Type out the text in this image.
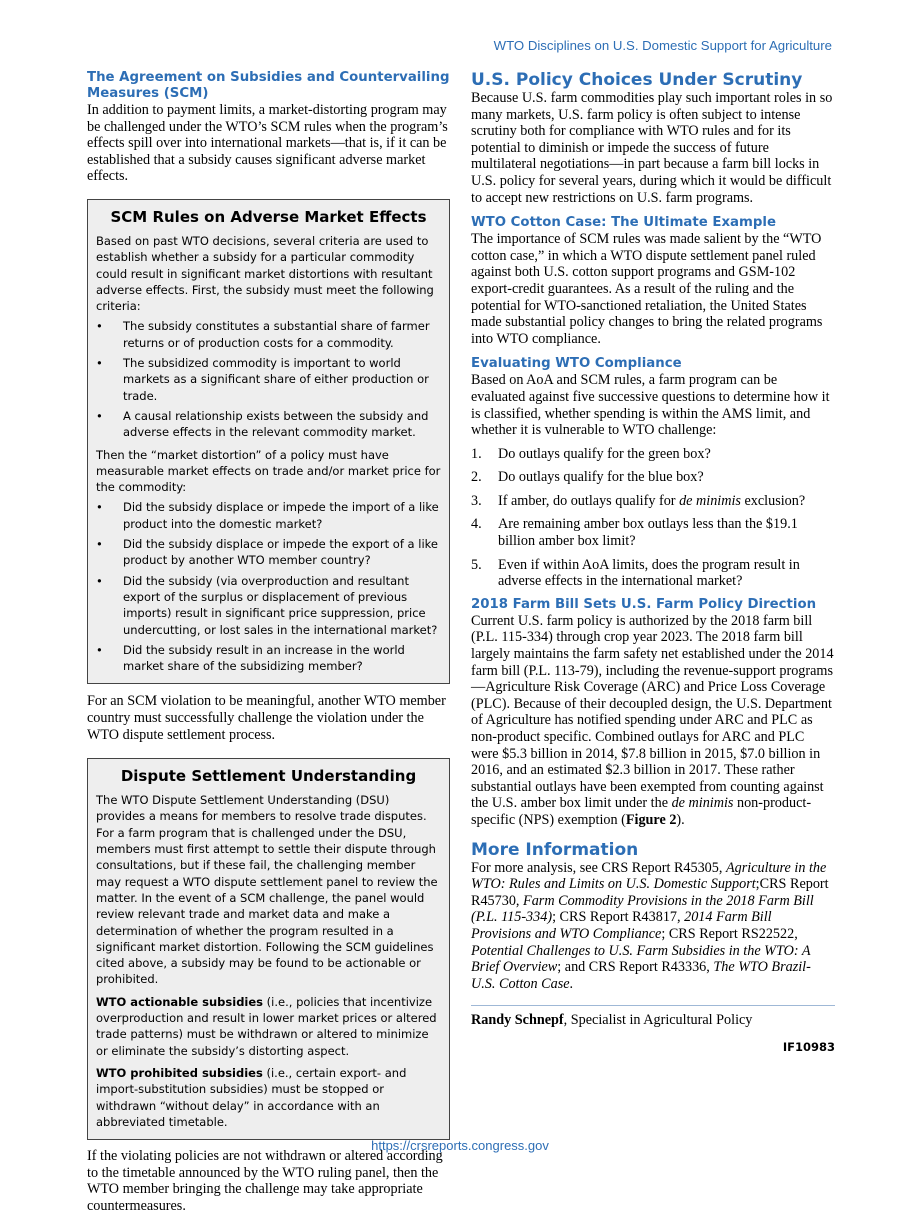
WTO Disciplines on U.S. Domestic Support for Agriculture
The Agreement on Subsidies and Countervailing Measures (SCM)

In addition to payment limits, a market-distorting program may be challenged under the WTO’s SCM rules when the program’s effects spill over into international markets—that is, if it can be established that a subsidy causes significant adverse market effects.

SCM Rules on Adverse Market Effects

Based on past WTO decisions, several criteria are used to establish whether a subsidy for a particular commodity could result in significant market distortions with resultant adverse effects. First, the subsidy must meet the following criteria:

• The subsidy constitutes a substantial share of farmer returns or of production costs for a commodity.
• The subsidized commodity is important to world markets as a significant share of either production or trade.
• A causal relationship exists between the subsidy and adverse effects in the relevant commodity market.

Then the “market distortion” of a policy must have measurable market effects on trade and/or market price for the commodity:

• Did the subsidy displace or impede the import of a like product into the domestic market?
• Did the subsidy displace or impede the export of a like product by another WTO member country?
• Did the subsidy (via overproduction and resultant export of the surplus or displacement of previous imports) result in significant price suppression, price undercutting, or lost sales in the international market?
• Did the subsidy result in an increase in the world market share of the subsidizing member?

For an SCM violation to be meaningful, another WTO member country must successfully challenge the violation under the WTO dispute settlement process.

Dispute Settlement Understanding

The WTO Dispute Settlement Understanding (DSU) provides a means for members to resolve trade disputes. For a farm program that is challenged under the DSU, members must first attempt to settle their dispute through consultations, but if these fail, the challenging member may request a WTO dispute settlement panel to review the matter. In the event of a SCM challenge, the panel would review relevant trade and market data and make a determination of whether the program resulted in a significant market distortion. Following the SCM guidelines cited above, a subsidy may be found to be actionable or prohibited.

WTO actionable subsidies (i.e., policies that incentivize overproduction and result in lower market prices or altered trade patterns) must be withdrawn or altered to minimize or eliminate the subsidy’s distorting aspect.

WTO prohibited subsidies (i.e., certain export- and import-substitution subsidies) must be stopped or withdrawn “without delay” in accordance with an abbreviated timetable.

If the violating policies are not withdrawn or altered according to the timetable announced by the WTO ruling panel, then the WTO member bringing the challenge may take appropriate countermeasures.

U.S. Policy Choices Under Scrutiny

Because U.S. farm commodities play such important roles in so many markets, U.S. farm policy is often subject to intense scrutiny both for compliance with WTO rules and for its potential to diminish or impede the success of future multilateral negotiations—in part because a farm bill locks in U.S. policy for several years, during which it would be difficult to accept new restrictions on U.S. farm programs.

WTO Cotton Case: The Ultimate Example

The importance of SCM rules was made salient by the “WTO cotton case,” in which a WTO dispute settlement panel ruled against both U.S. cotton support programs and GSM-102 export-credit guarantees. As a result of the ruling and the potential for WTO-sanctioned retaliation, the United States made substantial policy changes to bring the related programs into WTO compliance.

Evaluating WTO Compliance

Based on AoA and SCM rules, a farm program can be evaluated against five successive questions to determine how it is classified, whether spending is within the AMS limit, and whether it is vulnerable to WTO challenge:

1. Do outlays qualify for the green box?
2. Do outlays qualify for the blue box?
3. If amber, do outlays qualify for de minimis exclusion?
4. Are remaining amber box outlays less than the $19.1 billion amber box limit?
5. Even if within AoA limits, does the program result in adverse effects in the international market?
2018 Farm Bill Sets U.S. Farm Policy Direction

Current U.S. farm policy is authorized by the 2018 farm bill (P.L. 115-334) through crop year 2023. The 2018 farm bill largely maintains the farm safety net established under the 2014 farm bill (P.L. 113-79), including the revenue-support programs—Agriculture Risk Coverage (ARC) and Price Loss Coverage (PLC). Because of their decoupled design, the U.S. Department of Agriculture has notified spending under ARC and PLC as non-product specific. Combined outlays for ARC and PLC were $5.3 billion in 2014, $7.8 billion in 2015, $7.0 billion in 2016, and an estimated $2.3 billion in 2017. These rather substantial outlays have been exempted from counting against the U.S. amber box limit under the de minimis non-product-specific (NPS) exemption (Figure 2).

More Information

For more analysis, see CRS Report R45305, Agriculture in the WTO: Rules and Limits on U.S. Domestic Support;CRS Report R45730, Farm Commodity Provisions in the 2018 Farm Bill (P.L. 115-334); CRS Report R43817, 2014 Farm Bill Provisions and WTO Compliance; CRS Report RS22522, Potential Challenges to U.S. Farm Subsidies in the WTO: A Brief Overview; and CRS Report R43336, The WTO Brazil-U.S. Cotton Case.

Randy Schnepf, Specialist in Agricultural Policy

IF10983
https://crsreports.congress.gov
